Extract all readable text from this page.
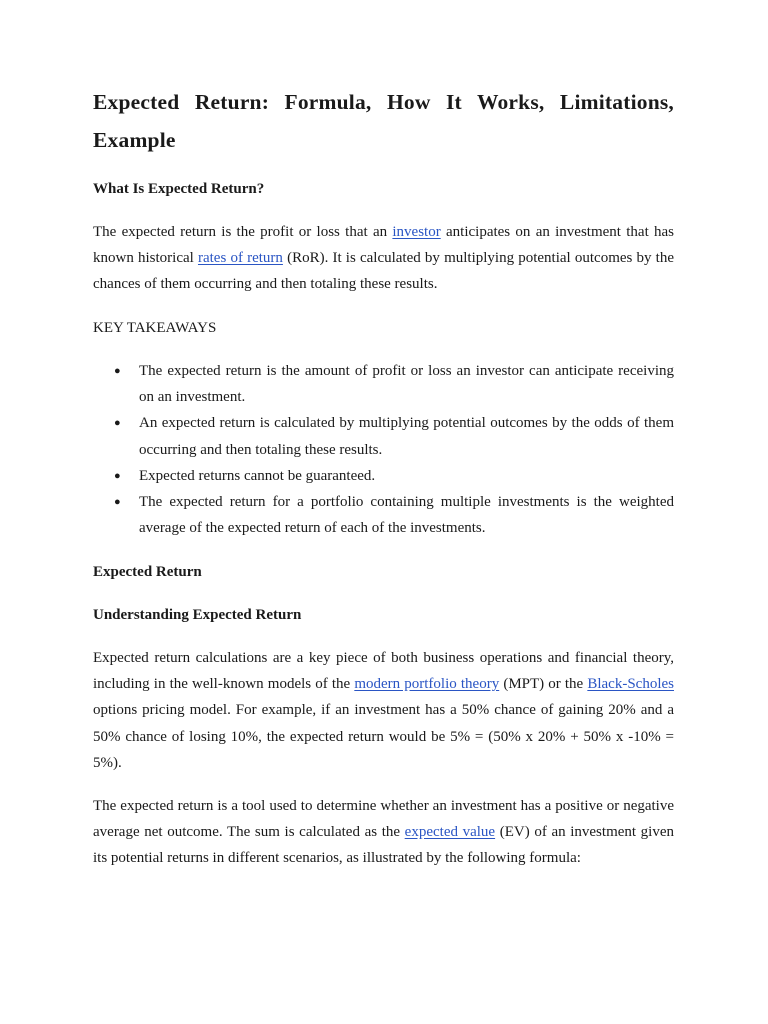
Expected Return: Formula, How It Works, Limitations, Example
What Is Expected Return?

The expected return is the profit or loss that an investor anticipates on an investment that has known historical rates of return (RoR). It is calculated by multiplying potential outcomes by the chances of them occurring and then totaling these results.

KEY TAKEAWAYS

● The expected return is the amount of profit or loss an investor can anticipate receiving on an investment.
● An expected return is calculated by multiplying potential outcomes by the odds of them occurring and then totaling these results.
● Expected returns cannot be guaranteed.
● The expected return for a portfolio containing multiple investments is the weighted average of the expected return of each of the investments.
Expected Return
Understanding Expected Return

Expected return calculations are a key piece of both business operations and financial theory, including in the well-known models of the modern portfolio theory (MPT) or the Black-Scholes options pricing model. For example, if an investment has a 50% chance of gaining 20% and a 50% chance of losing 10%, the expected return would be 5% = (50% x 20% + 50% x -10% = 5%).

The expected return is a tool used to determine whether an investment has a positive or negative average net outcome. The sum is calculated as the expected value (EV) of an investment given its potential returns in different scenarios, as illustrated by the following formula:
